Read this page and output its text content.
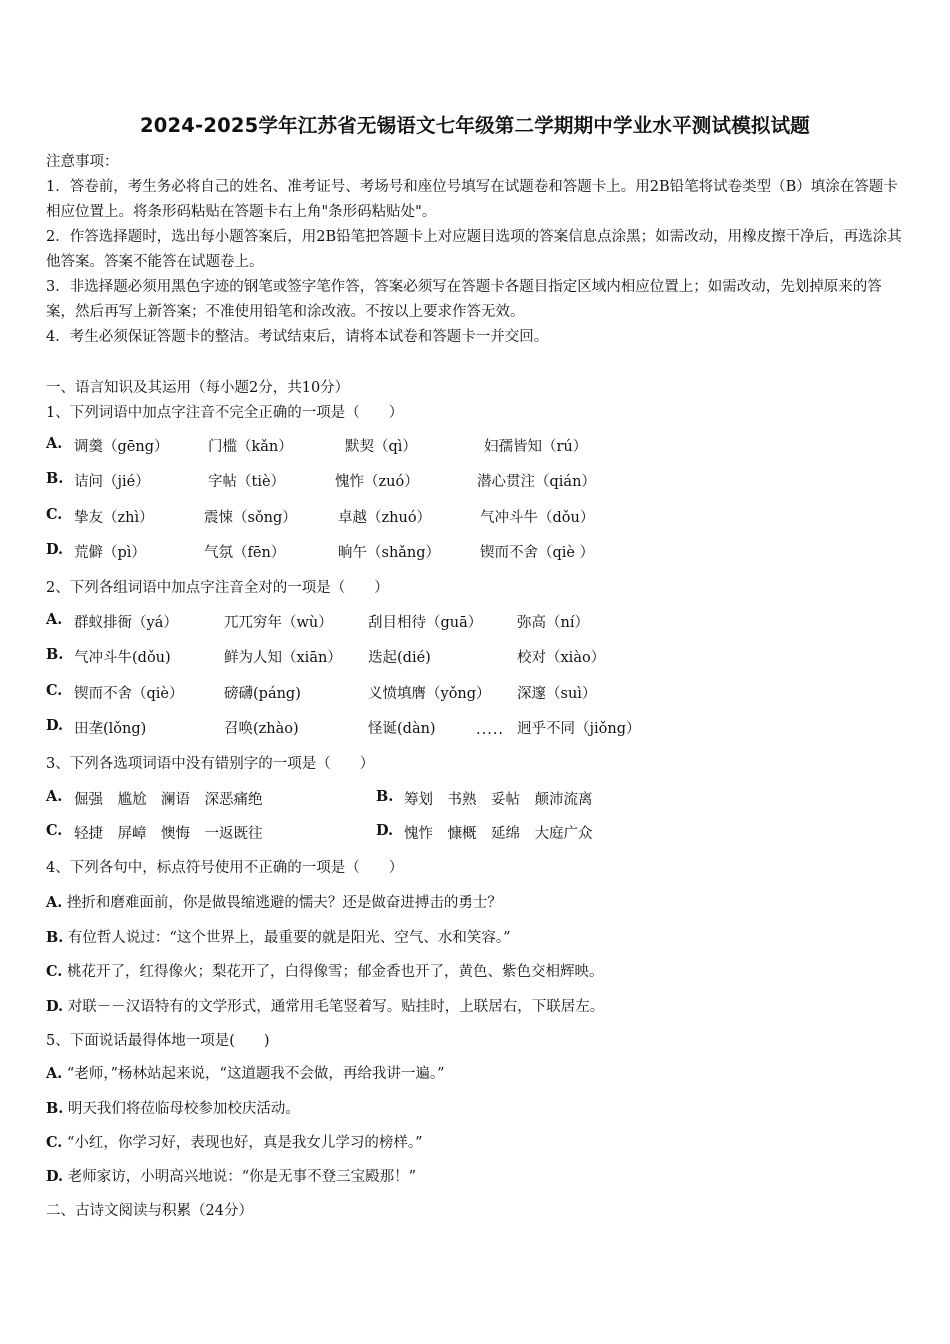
2024-2025学年江苏省无锡语文七年级第二学期期中学业水平测试模拟试题
注意事项：
1．答卷前，考生务必将自己的姓名、准考证号、考场号和座位号填写在试题卷和答题卡上。用2B铅笔将试卷类型（B）填涂在答题卡相应位置上。将条形码粘贴在答题卡右上角"条形码粘贴处"。
2．作答选择题时，选出每小题答案后，用2B铅笔把答题卡上对应题目选项的答案信息点涂黑；如需改动，用橡皮擦干净后，再选涂其他答案。答案不能答在试题卷上。
3．非选择题必须用黑色字迹的钢笔或签字笔作答，答案必须写在答题卡各题目指定区域内相应位置上；如需改动，先划掉原来的答案，然后再写上新答案；不准使用铅笔和涂改液。不按以上要求作答无效。
4．考生必须保证答题卡的整洁。考试结束后，请将本试卷和答题卡一并交回。
一、语言知识及其运用（每小题2分，共10分）
1、下列词语中加点字注音不完全正确的一项是（　　）
A. 调羹（gēng）	门槛（kǎn）	默契（qì）	妇孺皆知（rú）
B. 诘问（jié）	字帖（tiè）	愧怍（zuó）	潜心贯注（qián）
C. 挚友（zhì）	震悚（sǒng）	卓越（zhuó）	气冲斗牛（dǒu）
D. 荒僻（pì）	气氛（fēn）	晌午（shǎng）	锲而不舍（qiè ）
2、下列各组词语中加点字注音全对的一项是（　　）
A. 群蚁排衙（yá）	兀兀穷年（wù） 刮目相待（guā） 弥高（ní）
B. 气冲斗牛(dǒu)	鲜为人知（xiān） 迭起(dié)	校对（xiào）
C. 锲而不舍（qiè）	磅礴(páng)	义愤填膺（yǒng） 深邃（suì）
D. 田垄(lǒng)	召唤(zhào)	怪诞(dàn)	..... 迥乎不同（jiǒng）
3、下列各选项词语中没有错别字的一项是（　　）
A. 倔强　尴尬　澜语　深恶痛绝	B. 筹划　书熟　妥帖　颠沛流离
C. 轻捷　屏嶂　懊悔　一返既往	D. 愧怍　慷概　延绵　大庭广众
4、下列各句中，标点符号使用不正确的一项是（　　）
A. 挫折和磨难面前，你是做畏缩逃避的懦夫？还是做奋进搏击的勇士？
B. 有位哲人说过：“这个世界上，最重要的就是阳光、空气、水和笑容。”
C. 桃花开了，红得像火；梨花开了，白得像雪；郁金香也开了，黄色、紫色交相辉映。
D. 对联－－汉语特有的文学形式，通常用毛笔竖着写。贴挂时，上联居右，下联居左。
5、下面说话最得体地一项是(　　)
A. “老师，”杨林站起来说，“这道题我不会做，再给我讲一遍。”
B. 明天我们将莅临母校参加校庆活动。
C. “小红，你学习好，表现也好，真是我女儿学习的榜样。”
D. 老师家访，小明高兴地说：“你是无事不登三宝殿那！”
二、古诗文阅读与积累（24分）
